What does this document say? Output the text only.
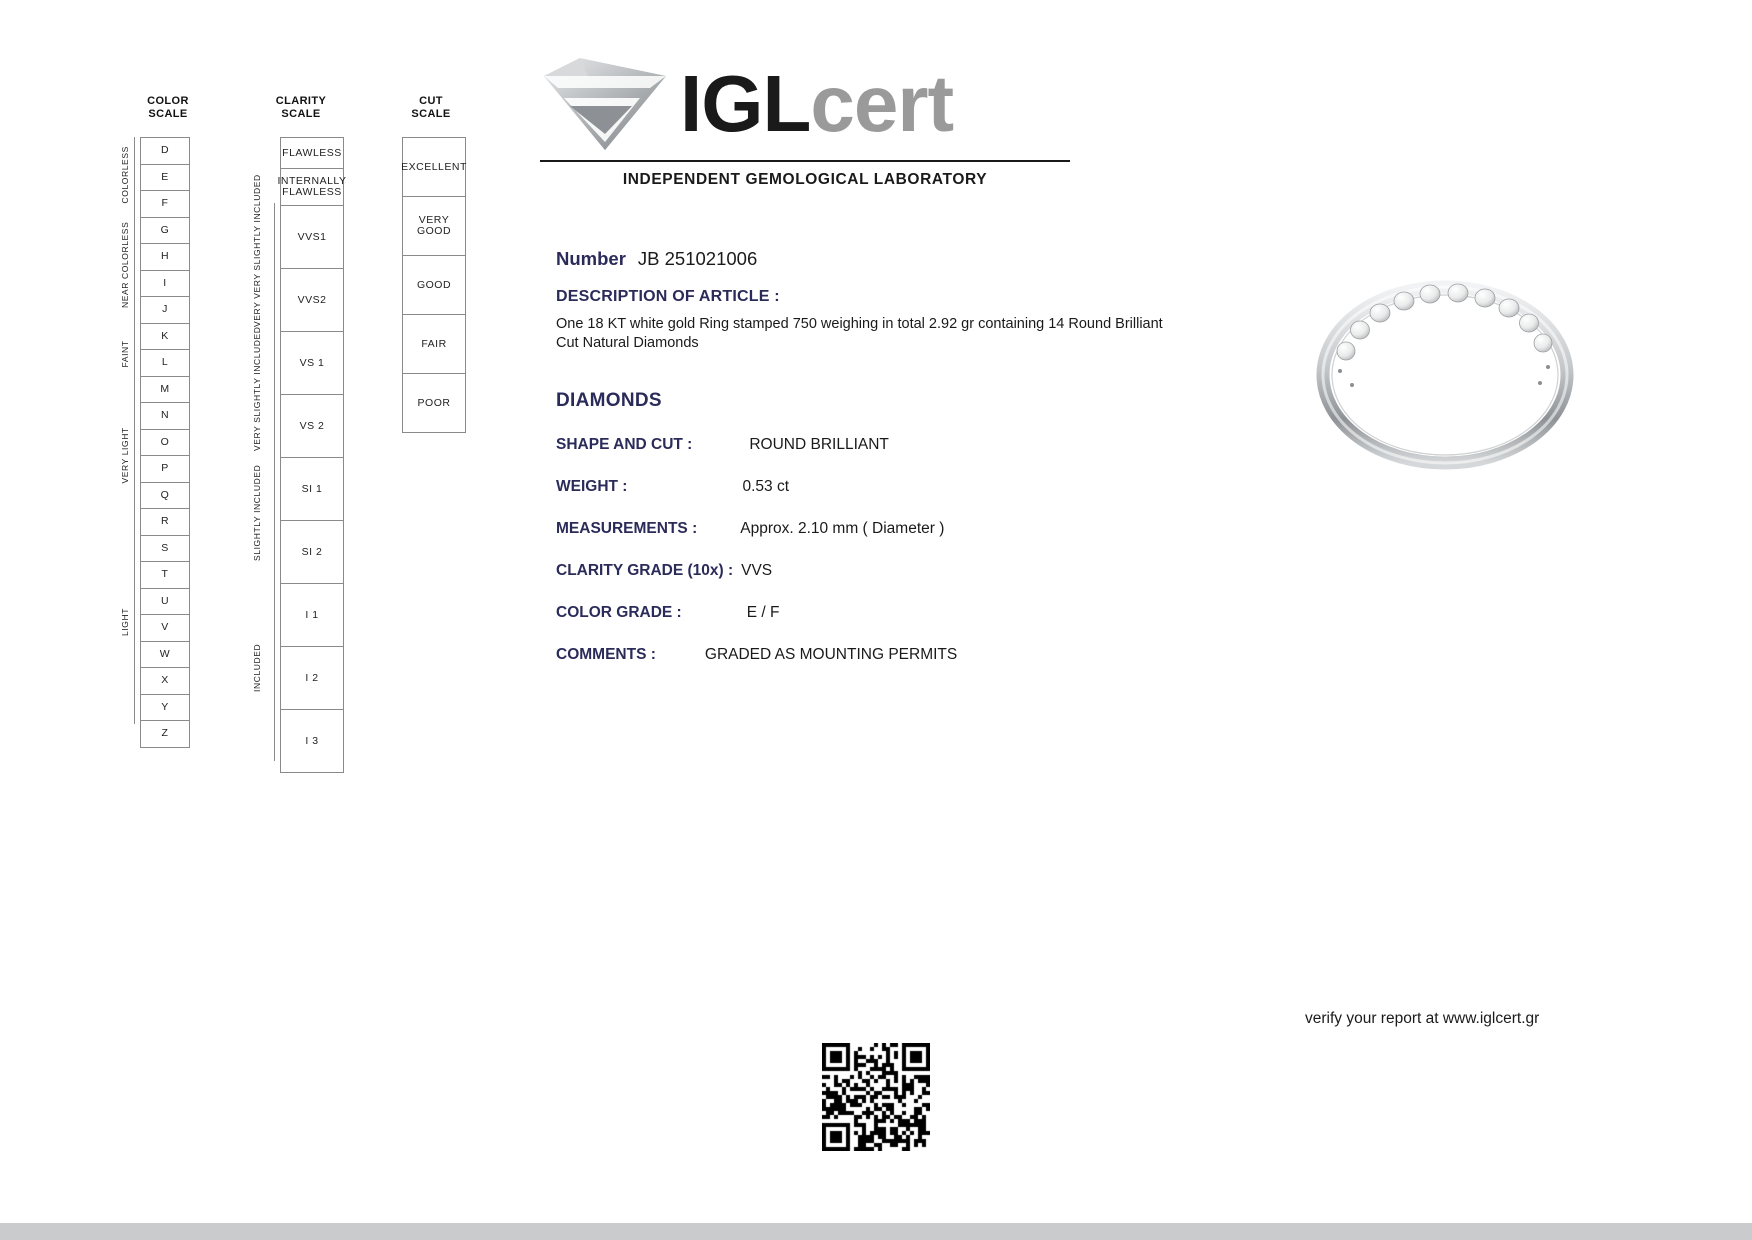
COLOR
SCALE
D
E
F
G
H
I
J
K
L
M
N
O
P
Q
R
S
T
U
V
W
X
Y
Z
COLORLESS
NEAR COLORLESS
FAINT
VERY LIGHT
LIGHT
CLARITY
SCALE
FLAWLESS
INTERNALLY
FLAWLESS
VVS1
VVS2
VS 1
VS 2
SI 1
SI 2
I 1
I 2
I 3
VERY VERY SLIGHTLY INCLUDED
VERY SLIGHTLY INCLUDED
SLIGHTLY INCLUDED
INCLUDED
CUT
SCALE
EXCELLENT
VERY GOOD
GOOD
FAIR
POOR
IGLcert
INDEPENDENT GEMOLOGICAL LABORATORY
Number JB 251021006
DESCRIPTION OF ARTICLE :
One 18 KT white gold Ring stamped 750 weighing in total 2.92 gr containing 14 Round Brilliant Cut Natural Diamonds
DIAMONDS
SHAPE AND CUT :	ROUND BRILLIANT
WEIGHT :	0.53 ct
MEASUREMENTS :	Approx. 2.10 mm ( Diameter )
CLARITY GRADE (10x) : VVS
COLOR GRADE :	E / F
COMMENTS :	GRADED AS MOUNTING PERMITS
verify your report at www.iglcert.gr
